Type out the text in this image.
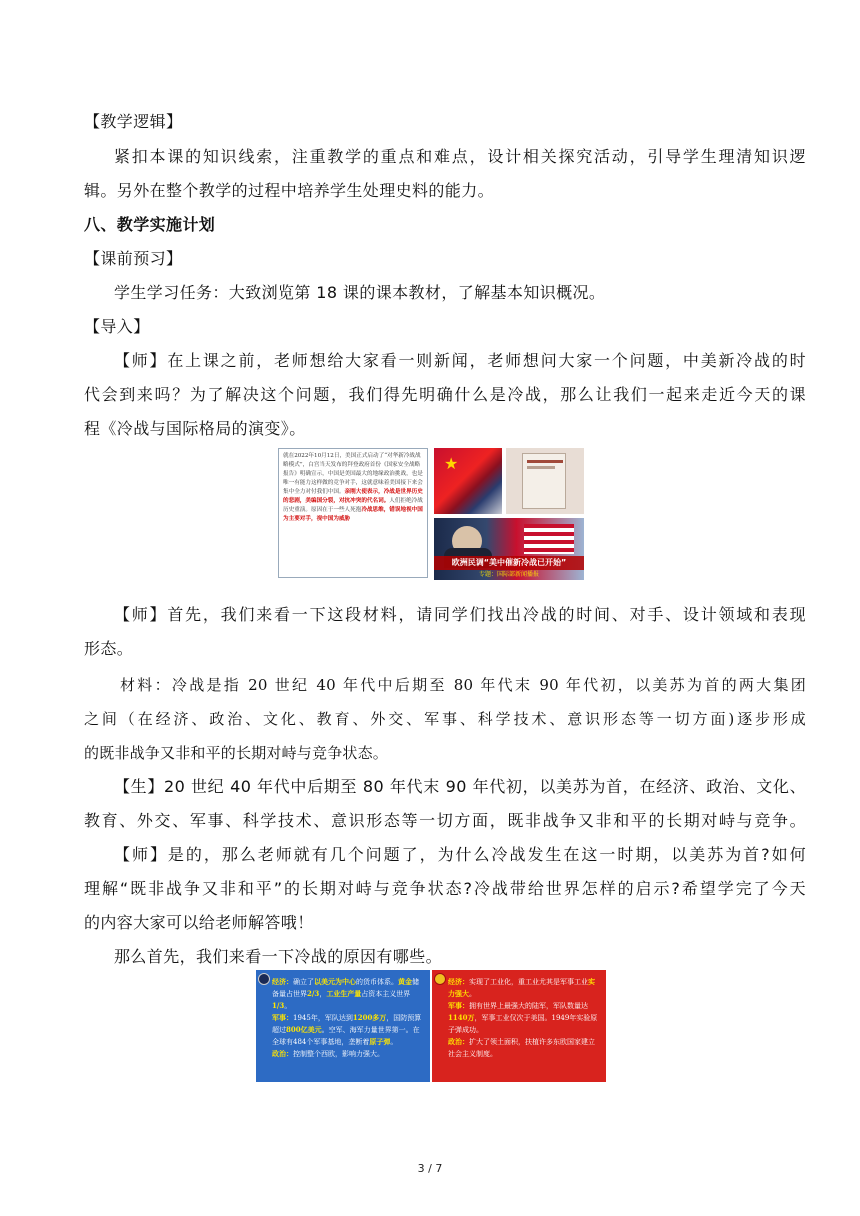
【教学逻辑】
紧扣本课的知识线索，注重教学的重点和难点，设计相关探究活动，引导学生理清知识逻
辑。另外在整个教学的过程中培养学生处理史料的能力。
八、教学实施计划
【课前预习】
学生学习任务：大致浏览第 18 课的课本教材，了解基本知识概况。
【导入】
【师】在上课之前，老师想给大家看一则新闻，老师想问大家一个问题，中美新冷战的时
代会到来吗？为了解决这个问题，我们得先明确什么是冷战，那么让我们一起来走近今天的课
程《冷战与国际格局的演变》。
就在2022年10月12日，美国正式启动了“对华新冷战战略模式”，白宫当天发布的拜登政府首份《国家安全战略报告》明确宣示，中国是美国最大的地缘政治挑战，也是唯一有能力这样做的竞争对手，这就意味着美国接下来会集中全力对付我们中国。亲刚大使表示，冷战是世界历史的悲剧，美编国分裂，对抗冲突的代名词。人们拒绝冷战历史重演。原因在于一些人死抱冷战思维，错误地视中国为主要对手，视中国为威胁
★
欧洲民调“美中催新冷战已开始”
专题：国际部新闻播报
【师】首先，我们来看一下这段材料，请同学们找出冷战的时间、对手、设计领域和表现
形态。
材料：冷战是指 20 世纪 40 年代中后期至 80 年代末 90 年代初，以美苏为首的两大集团
之间（在经济、政治、文化、教育、外交、军事、科学技术、意识形态等一切方面)逐步形成
的既非战争又非和平的长期对峙与竞争状态。
【生】20 世纪 40 年代中后期至 80 年代末 90 年代初，以美苏为首，在经济、政治、文化、
教育、外交、军事、科学技术、意识形态等一切方面，既非战争又非和平的长期对峙与竞争。
【师】是的，那么老师就有几个问题了，为什么冷战发生在这一时期，以美苏为首?如何
理解“既非战争又非和平”的长期对峙与竞争状态?冷战带给世界怎样的启示?希望学完了今天
的内容大家可以给老师解答哦！
那么首先，我们来看一下冷战的原因有哪些。

经济：确立了以美元为中心的货币体系。黄金储备量占世界2/3，工业生产量占资本主义世界1/3。

军事：1945年，军队达到1200多万，国防预算超过800亿美元。空军、海军力量世界第一。在全球有484个军事基地，垄断着原子弹。

政治：控制整个西欧，影响力强大。

经济：实现了工业化，重工业尤其是军事工业实力强大。

军事：拥有世界上最强大的陆军，军队数量达1140万，军事工业仅次于美国。1949年实验原子弹成功。

政治：扩大了领土面积，扶植许多东欧国家建立社会主义制度。

3 / 7
